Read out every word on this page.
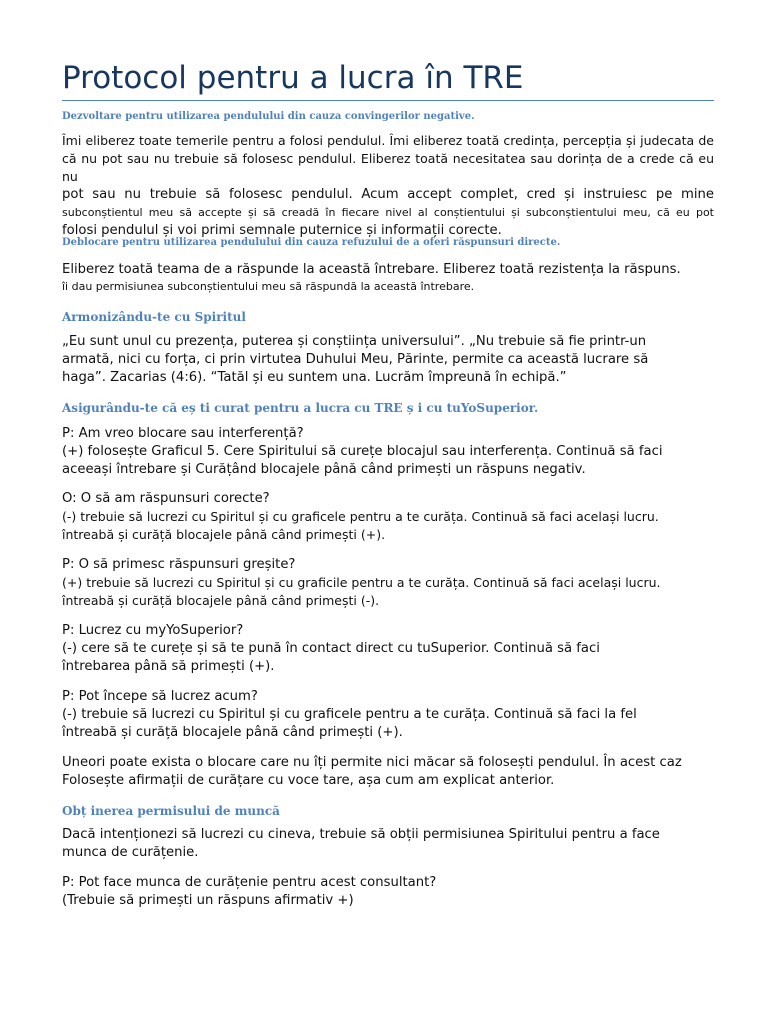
Protocol pentru a lucra în TRE
Dezvoltare pentru utilizarea pendulului din cauza convingerilor negative.
Îmi eliberez toate temerile pentru a folosi pendulul. Îmi eliberez toată credința, percepția și judecata de
că nu pot sau nu trebuie să folosesc pendulul. Eliberez toată necesitatea sau dorința de a crede că eu nu
pot sau nu trebuie să folosesc pendulul. Acum accept complet, cred și instruiesc pe mine
subconștientul meu să accepte și să creadă în fiecare nivel al conștientului și subconștientului meu, că eu pot
folosi pendulul și voi primi semnale puternice și informații corecte.
Deblocare pentru utilizarea pendulului din cauza refuzului de a oferi răspunsuri directe.
Eliberez toată teama de a răspunde la această întrebare. Eliberez toată rezistența la răspuns.
îi dau permisiunea subconștientului meu să răspundă la această întrebare.
Armonizându-te cu Spiritul
„Eu sunt unul cu prezența, puterea și conștiința universului”. „Nu trebuie să fie printr-un
armată, nici cu forța, ci prin virtutea Duhului Meu, Părinte, permite ca această lucrare să
haga”. Zacarias (4:6). “Tatăl și eu suntem una. Lucrăm împreună în echipă.”
Asigurându-te că eș ti curat pentru a lucra cu TRE ș i cu tuYoSuperior.
P: Am vreo blocare sau interferență?
(+) folosește Graficul 5. Cere Spiritului să curețe blocajul sau interferența. Continuă să faci
aceeași întrebare și Curățând blocajele până când primești un răspuns negativ.
O: O să am răspunsuri corecte?
(-) trebuie să lucrezi cu Spiritul și cu graficele pentru a te curăța. Continuă să faci același lucru.
întreabă și curăță blocajele până când primești (+).
P: O să primesc răspunsuri greșite?
(+) trebuie să lucrezi cu Spiritul și cu graficile pentru a te curăța. Continuă să faci același lucru.
întreabă și curăță blocajele până când primești (-).
P: Lucrez cu myYoSuperior?
(-) cere să te curețe și să te pună în contact direct cu tuSuperior. Continuă să faci
întrebarea până să primești (+).
P: Pot începe să lucrez acum?
(-) trebuie să lucrezi cu Spiritul și cu graficele pentru a te curăța. Continuă să faci la fel
întreabă și curăță blocajele până când primești (+).
Uneori poate exista o blocare care nu îți permite nici măcar să folosești pendulul. În acest caz
Folosește afirmații de curățare cu voce tare, așa cum am explicat anterior.
Obț inerea permisului de muncă
Dacă intenționezi să lucrezi cu cineva, trebuie să obții permisiunea Spiritului pentru a face
munca de curățenie.
P: Pot face munca de curățenie pentru acest consultant?
(Trebuie să primești un răspuns afirmativ +)
